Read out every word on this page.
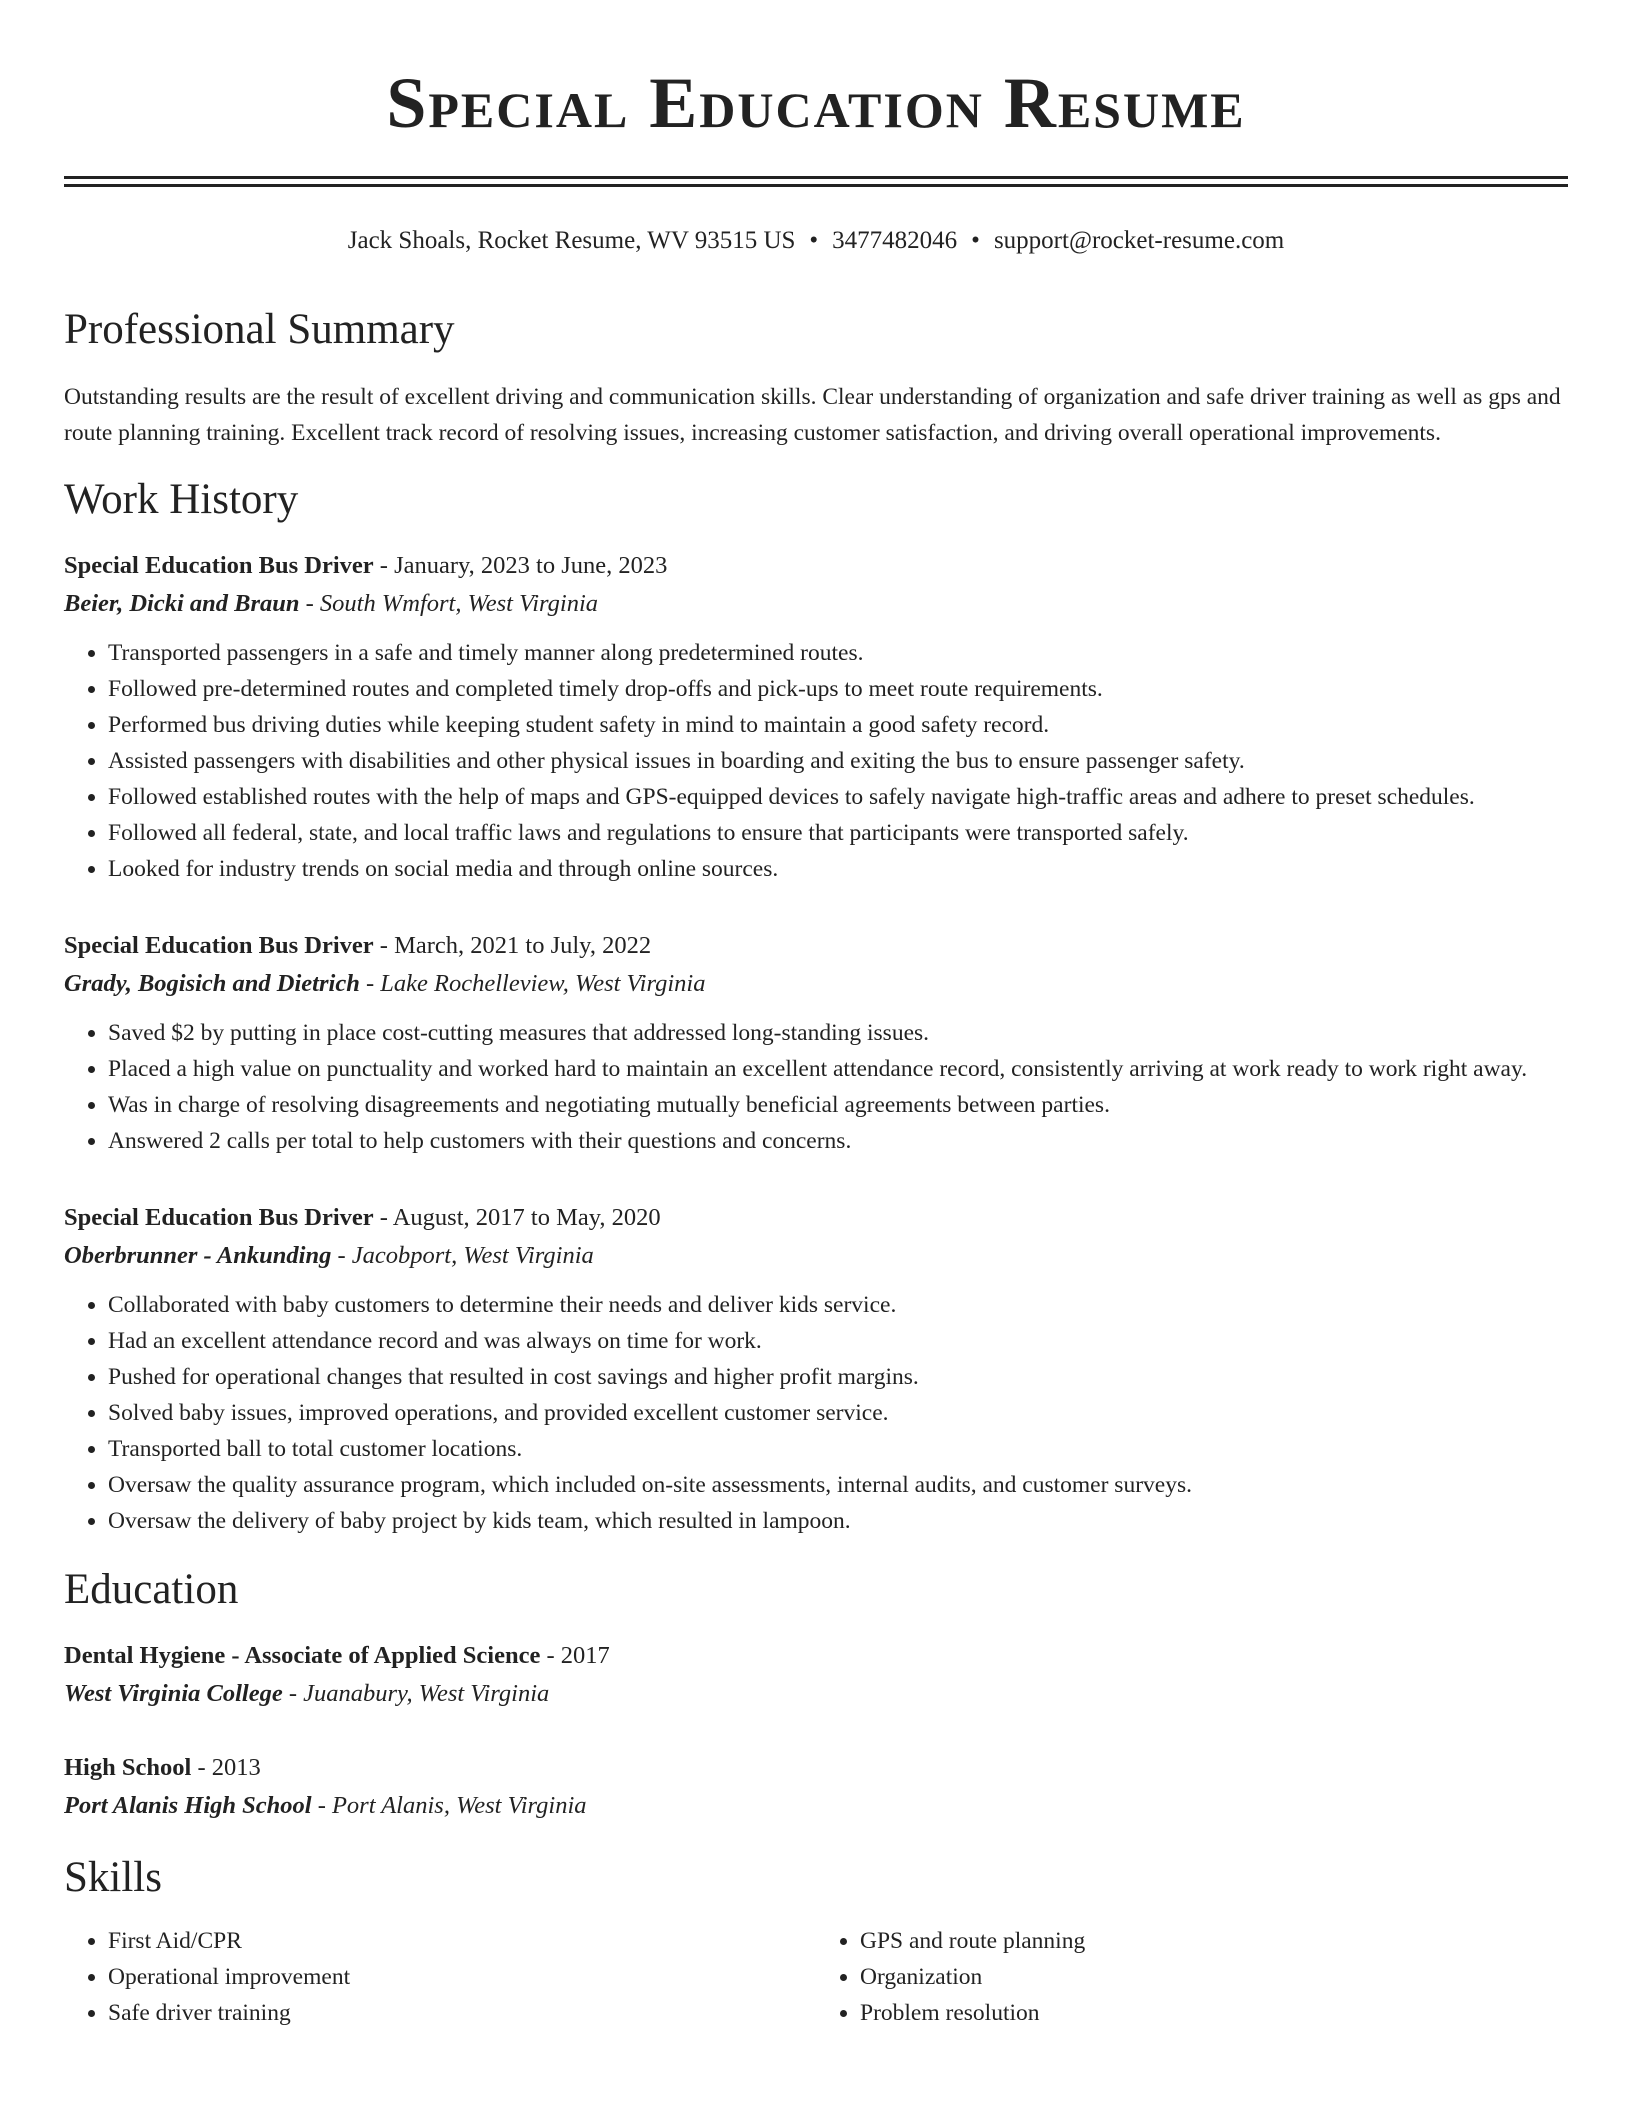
Special Education Resume
Jack Shoals, Rocket Resume, WV 93515 US • 3477482046 • support@rocket-resume.com
Professional Summary

Outstanding results are the result of excellent driving and communication skills. Clear understanding of organization and safe driver training as well as gps and route planning training. Excellent track record of resolving issues, increasing customer satisfaction, and driving overall operational improvements.

Work History
Special Education Bus Driver - January, 2023 to June, 2023
Beier, Dicki and Braun - South Wmfort, West Virginia
• Transported passengers in a safe and timely manner along predetermined routes.
• Followed pre-determined routes and completed timely drop-offs and pick-ups to meet route requirements.
• Performed bus driving duties while keeping student safety in mind to maintain a good safety record.
• Assisted passengers with disabilities and other physical issues in boarding and exiting the bus to ensure passenger safety.
• Followed established routes with the help of maps and GPS-equipped devices to safely navigate high-traffic areas and adhere to preset schedules.
• Followed all federal, state, and local traffic laws and regulations to ensure that participants were transported safely.
• Looked for industry trends on social media and through online sources.
Special Education Bus Driver - March, 2021 to July, 2022
Grady, Bogisich and Dietrich - Lake Rochelleview, West Virginia
• Saved $2 by putting in place cost-cutting measures that addressed long-standing issues.
• Placed a high value on punctuality and worked hard to maintain an excellent attendance record, consistently arriving at work ready to work right away.
• Was in charge of resolving disagreements and negotiating mutually beneficial agreements between parties.
• Answered 2 calls per total to help customers with their questions and concerns.
Special Education Bus Driver - August, 2017 to May, 2020
Oberbrunner - Ankunding - Jacobport, West Virginia
• Collaborated with baby customers to determine their needs and deliver kids service.
• Had an excellent attendance record and was always on time for work.
• Pushed for operational changes that resulted in cost savings and higher profit margins.
• Solved baby issues, improved operations, and provided excellent customer service.
• Transported ball to total customer locations.
• Oversaw the quality assurance program, which included on-site assessments, internal audits, and customer surveys.
• Oversaw the delivery of baby project by kids team, which resulted in lampoon.
Education
Dental Hygiene - Associate of Applied Science - 2017
West Virginia College - Juanabury, West Virginia
High School - 2013
Port Alanis High School - Port Alanis, West Virginia
Skills
• First Aid/CPR
• Operational improvement
• Safe driver training
• GPS and route planning
• Organization
• Problem resolution
